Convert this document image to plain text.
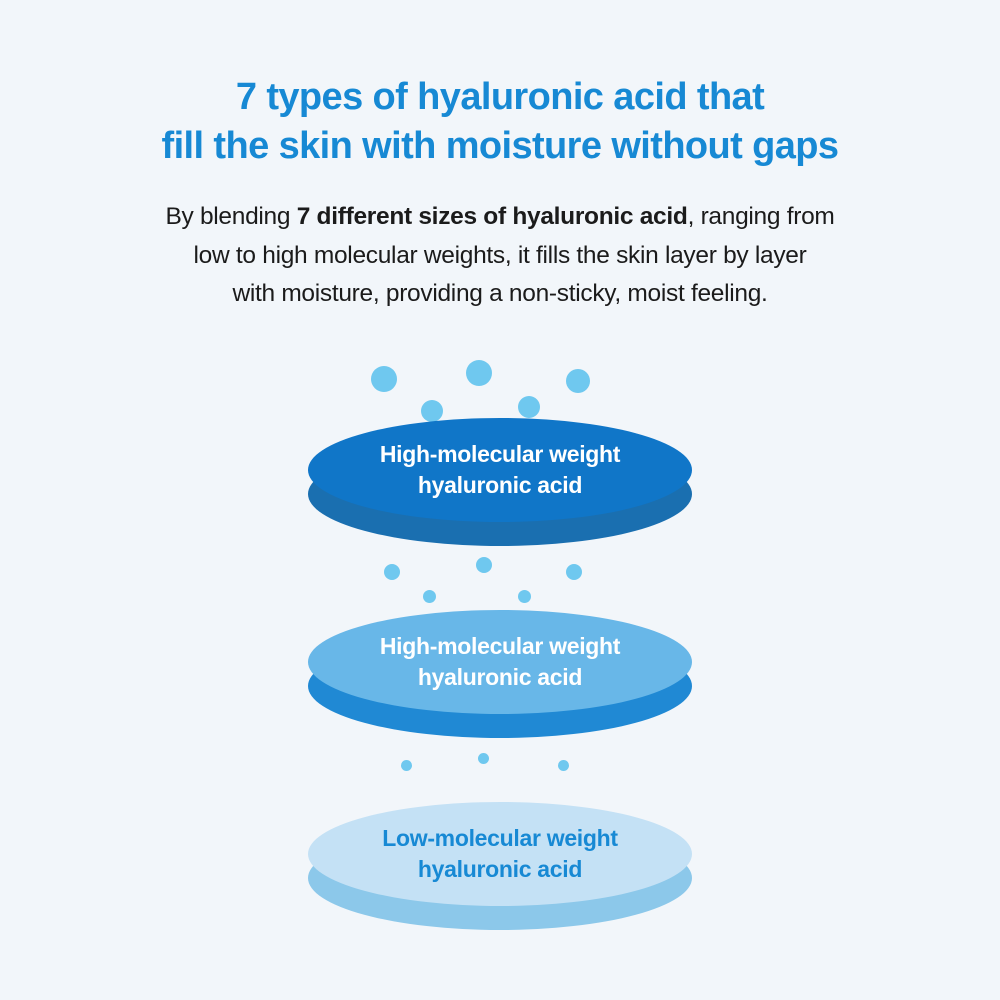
7 types of hyaluronic acid that
fill the skin with moisture without gaps
By blending 7 different sizes of hyaluronic acid, ranging from
low to high molecular weights, it fills the skin layer by layer
with moisture, providing a non-sticky, moist feeling.
High-molecular weight
hyaluronic acid
High-molecular weight
hyaluronic acid
Low-molecular weight
hyaluronic acid
